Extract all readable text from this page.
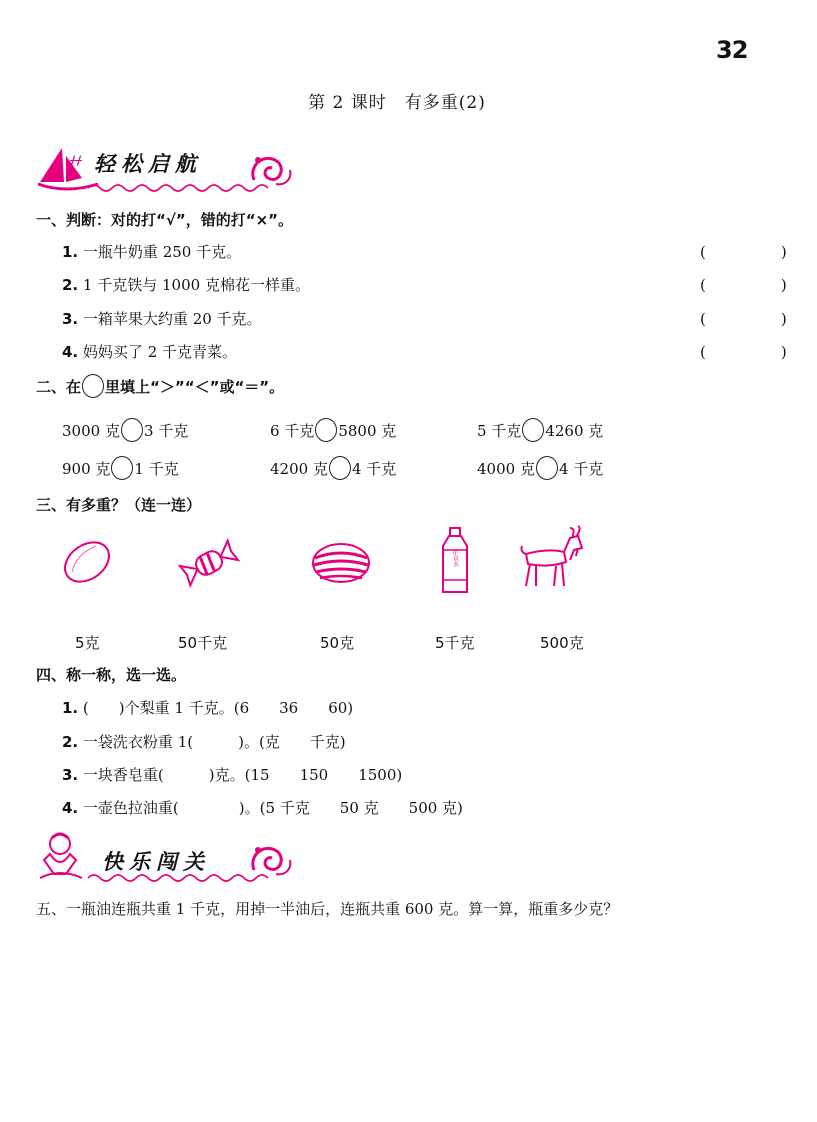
32
第 2 课时　有多重(2)
ᚋᚋ 轻松启航
一、判断：对的打“√”，错的打“×”。
1. 一瓶牛奶重 250 千克。	(　)
2. 1 千克铁与 1000 克棉花一样重。	(　)
3. 一箱苹果大约重 20 千克。	(　)
4. 妈妈买了 2 千克青菜。	(　)
二、在 里填上“＞”“＜”或“＝”。
3000 克 3 千克	6 千克 5800 克	5 千克 4260 克
900 克 1 千克	4200 克 4 千克	4000 克 4 千克
三、有多重？（连一连）
矿泉水
5克	50千克	50克	5千克	500克
四、称一称，选一选。
1. (　　)个梨重 1 千克。(6　　36　　60)
2. 一袋洗衣粉重 1(　　　)。(克　　千克)
3. 一块香皂重(　　　)克。(15　　150　　1500)
4. 一壶色拉油重(　　　　)。(5 千克　　50 克　　500 克)
快乐闯关
五、一瓶油连瓶共重 1 千克，用掉一半油后，连瓶共重 600 克。算一算，瓶重多少克？
